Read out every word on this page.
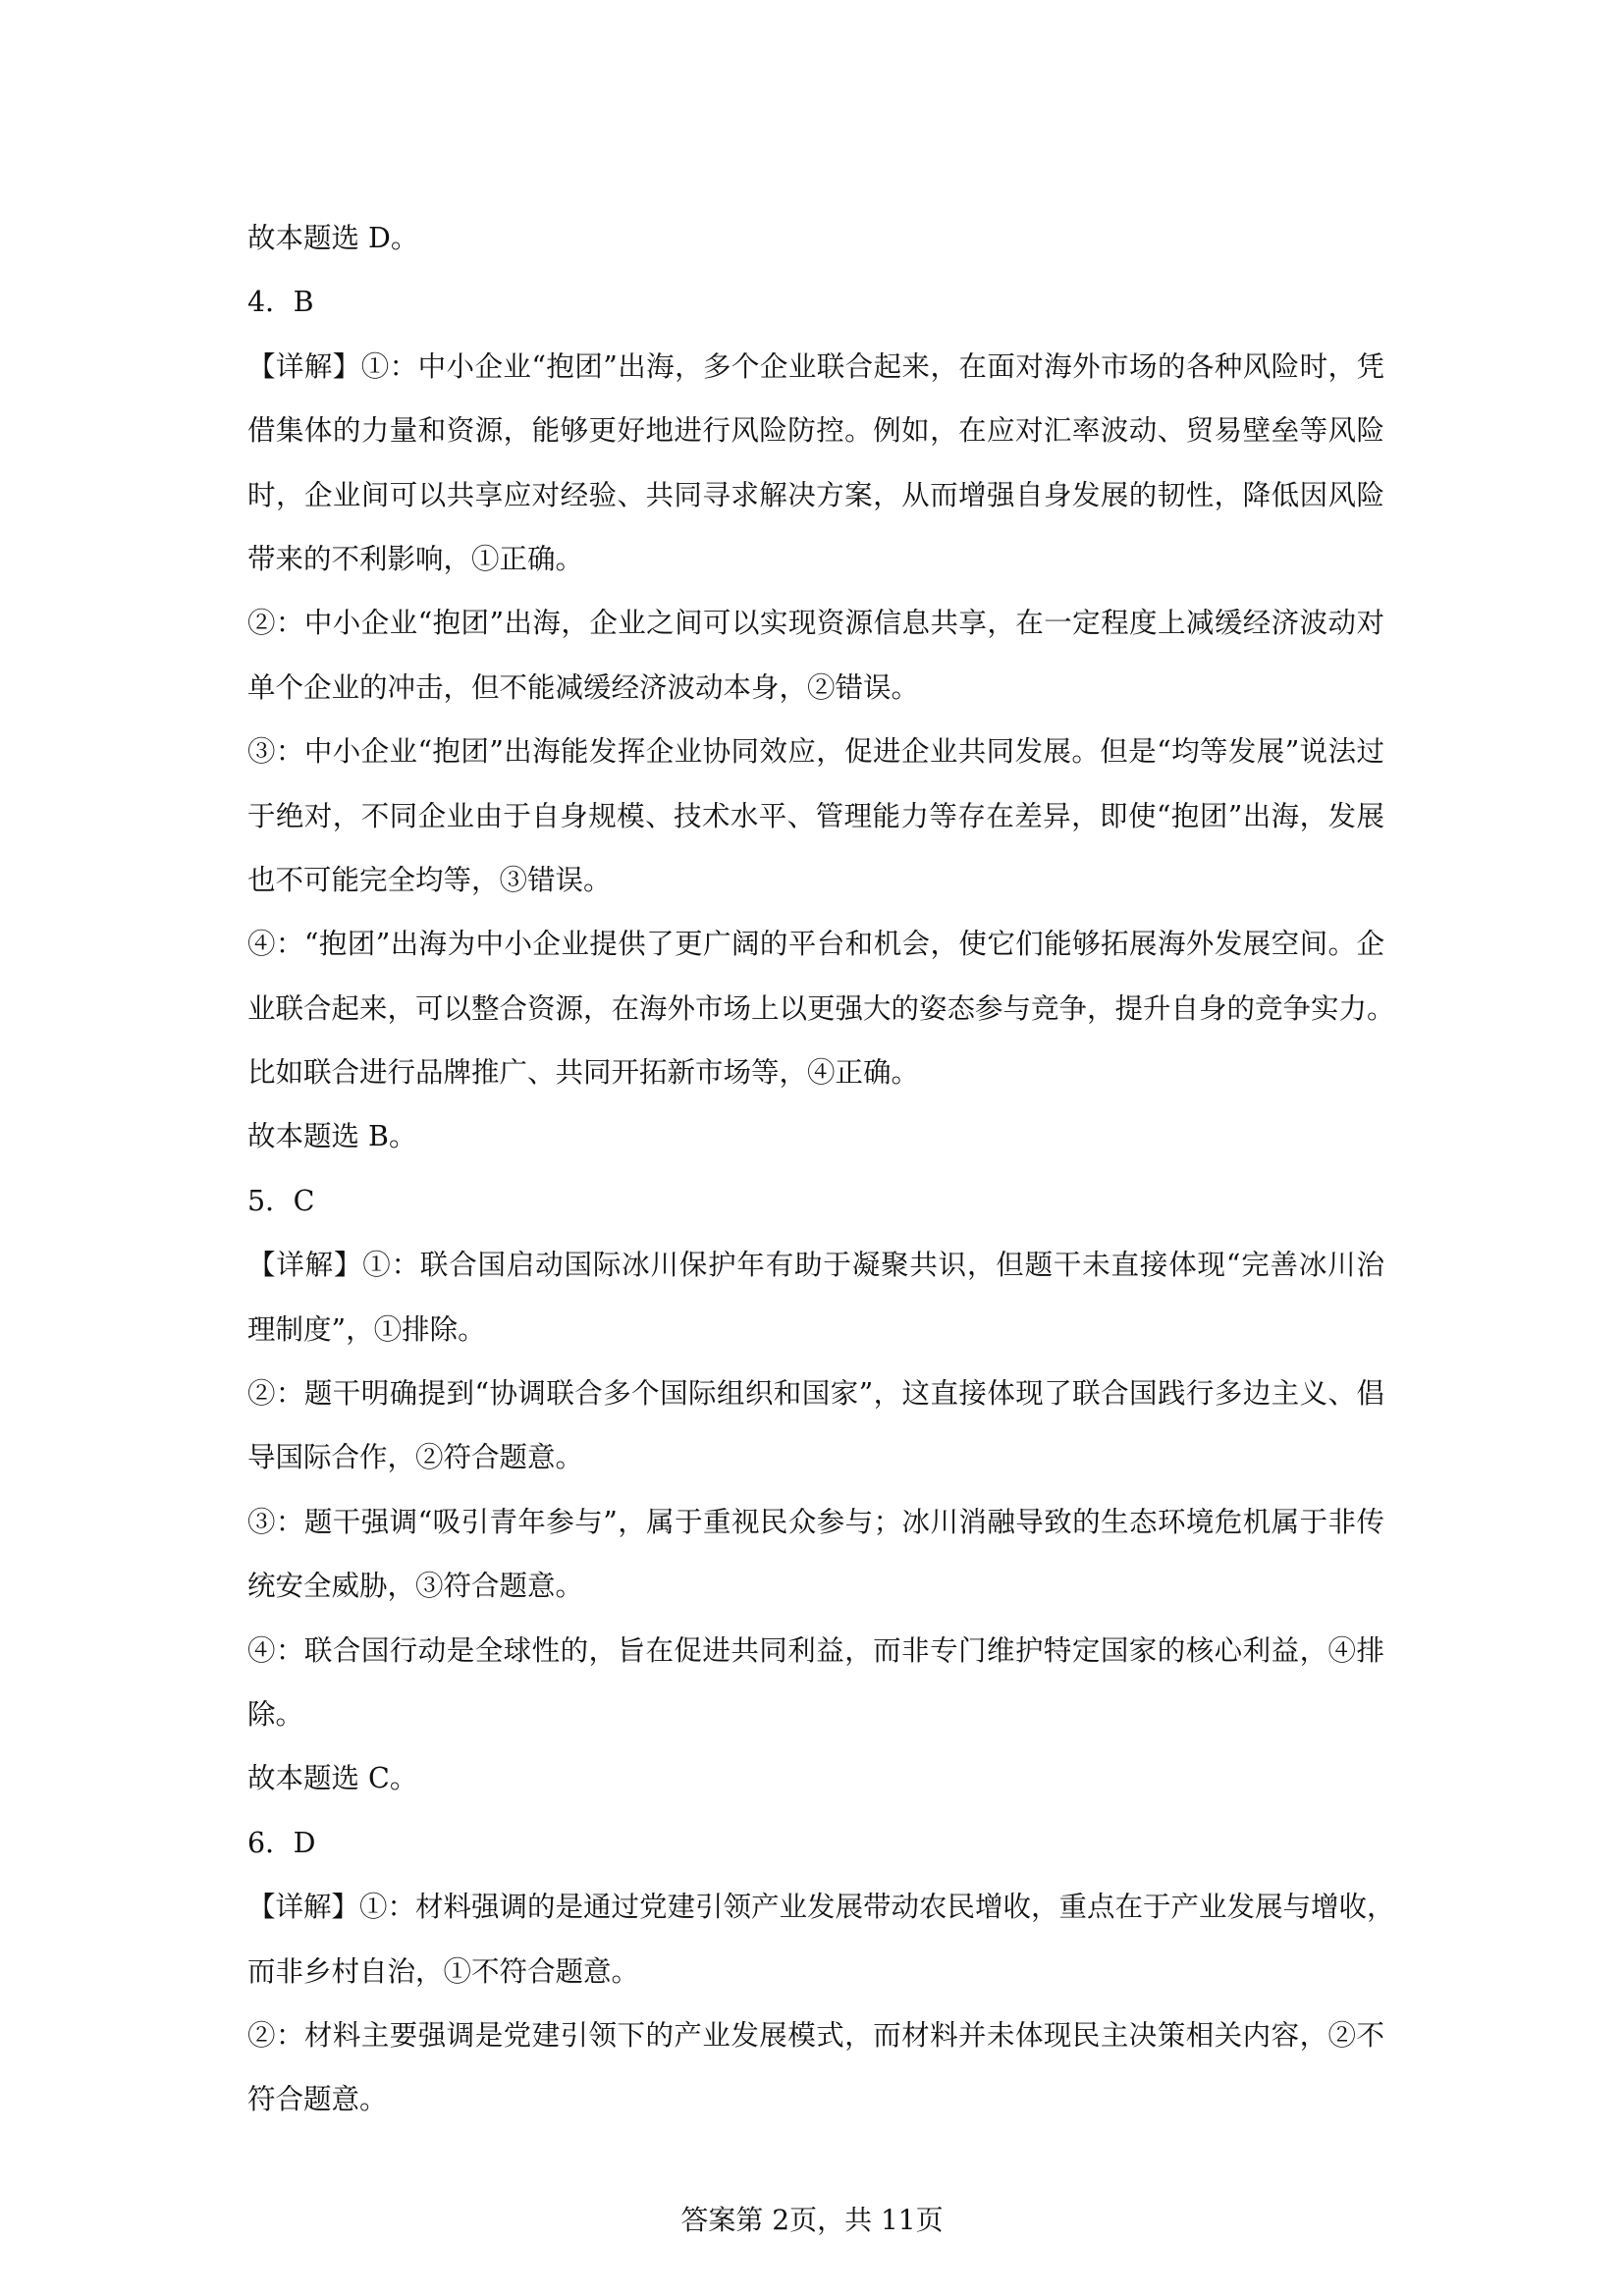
故本题选 D。

4．B

【详解】①：中小企业“抱团”出海，多个企业联合起来，在面对海外市场的各种风险时，凭

借集体的力量和资源，能够更好地进行风险防控。例如，在应对汇率波动、贸易壁垒等风险

时，企业间可以共享应对经验、共同寻求解决方案，从而增强自身发展的韧性，降低因风险

带来的不利影响，①正确。

②：中小企业“抱团”出海，企业之间可以实现资源信息共享，在一定程度上减缓经济波动对

单个企业的冲击，但不能减缓经济波动本身，②错误。

③：中小企业“抱团”出海能发挥企业协同效应，促进企业共同发展。但是“均等发展”说法过

于绝对，不同企业由于自身规模、技术水平、管理能力等存在差异，即使“抱团”出海，发展

也不可能完全均等，③错误。

④：“抱团”出海为中小企业提供了更广阔的平台和机会，使它们能够拓展海外发展空间。企

业联合起来，可以整合资源，在海外市场上以更强大的姿态参与竞争，提升自身的竞争实力。

比如联合进行品牌推广、共同开拓新市场等，④正确。

故本题选 B。

5．C

【详解】①：联合国启动国际冰川保护年有助于凝聚共识，但题干未直接体现“完善冰川治

理制度”，①排除。

②：题干明确提到“协调联合多个国际组织和国家”，这直接体现了联合国践行多边主义、倡

导国际合作，②符合题意。

③：题干强调“吸引青年参与”，属于重视民众参与；冰川消融导致的生态环境危机属于非传

统安全威胁，③符合题意。

④：联合国行动是全球性的，旨在促进共同利益，而非专门维护特定国家的核心利益，④排

除。

故本题选 C。

6．D

【详解】①：材料强调的是通过党建引领产业发展带动农民增收，重点在于产业发展与增收，

而非乡村自治，①不符合题意。

②：材料主要强调是党建引领下的产业发展模式，而材料并未体现民主决策相关内容，②不

符合题意。

答案第 2页，共 11页
